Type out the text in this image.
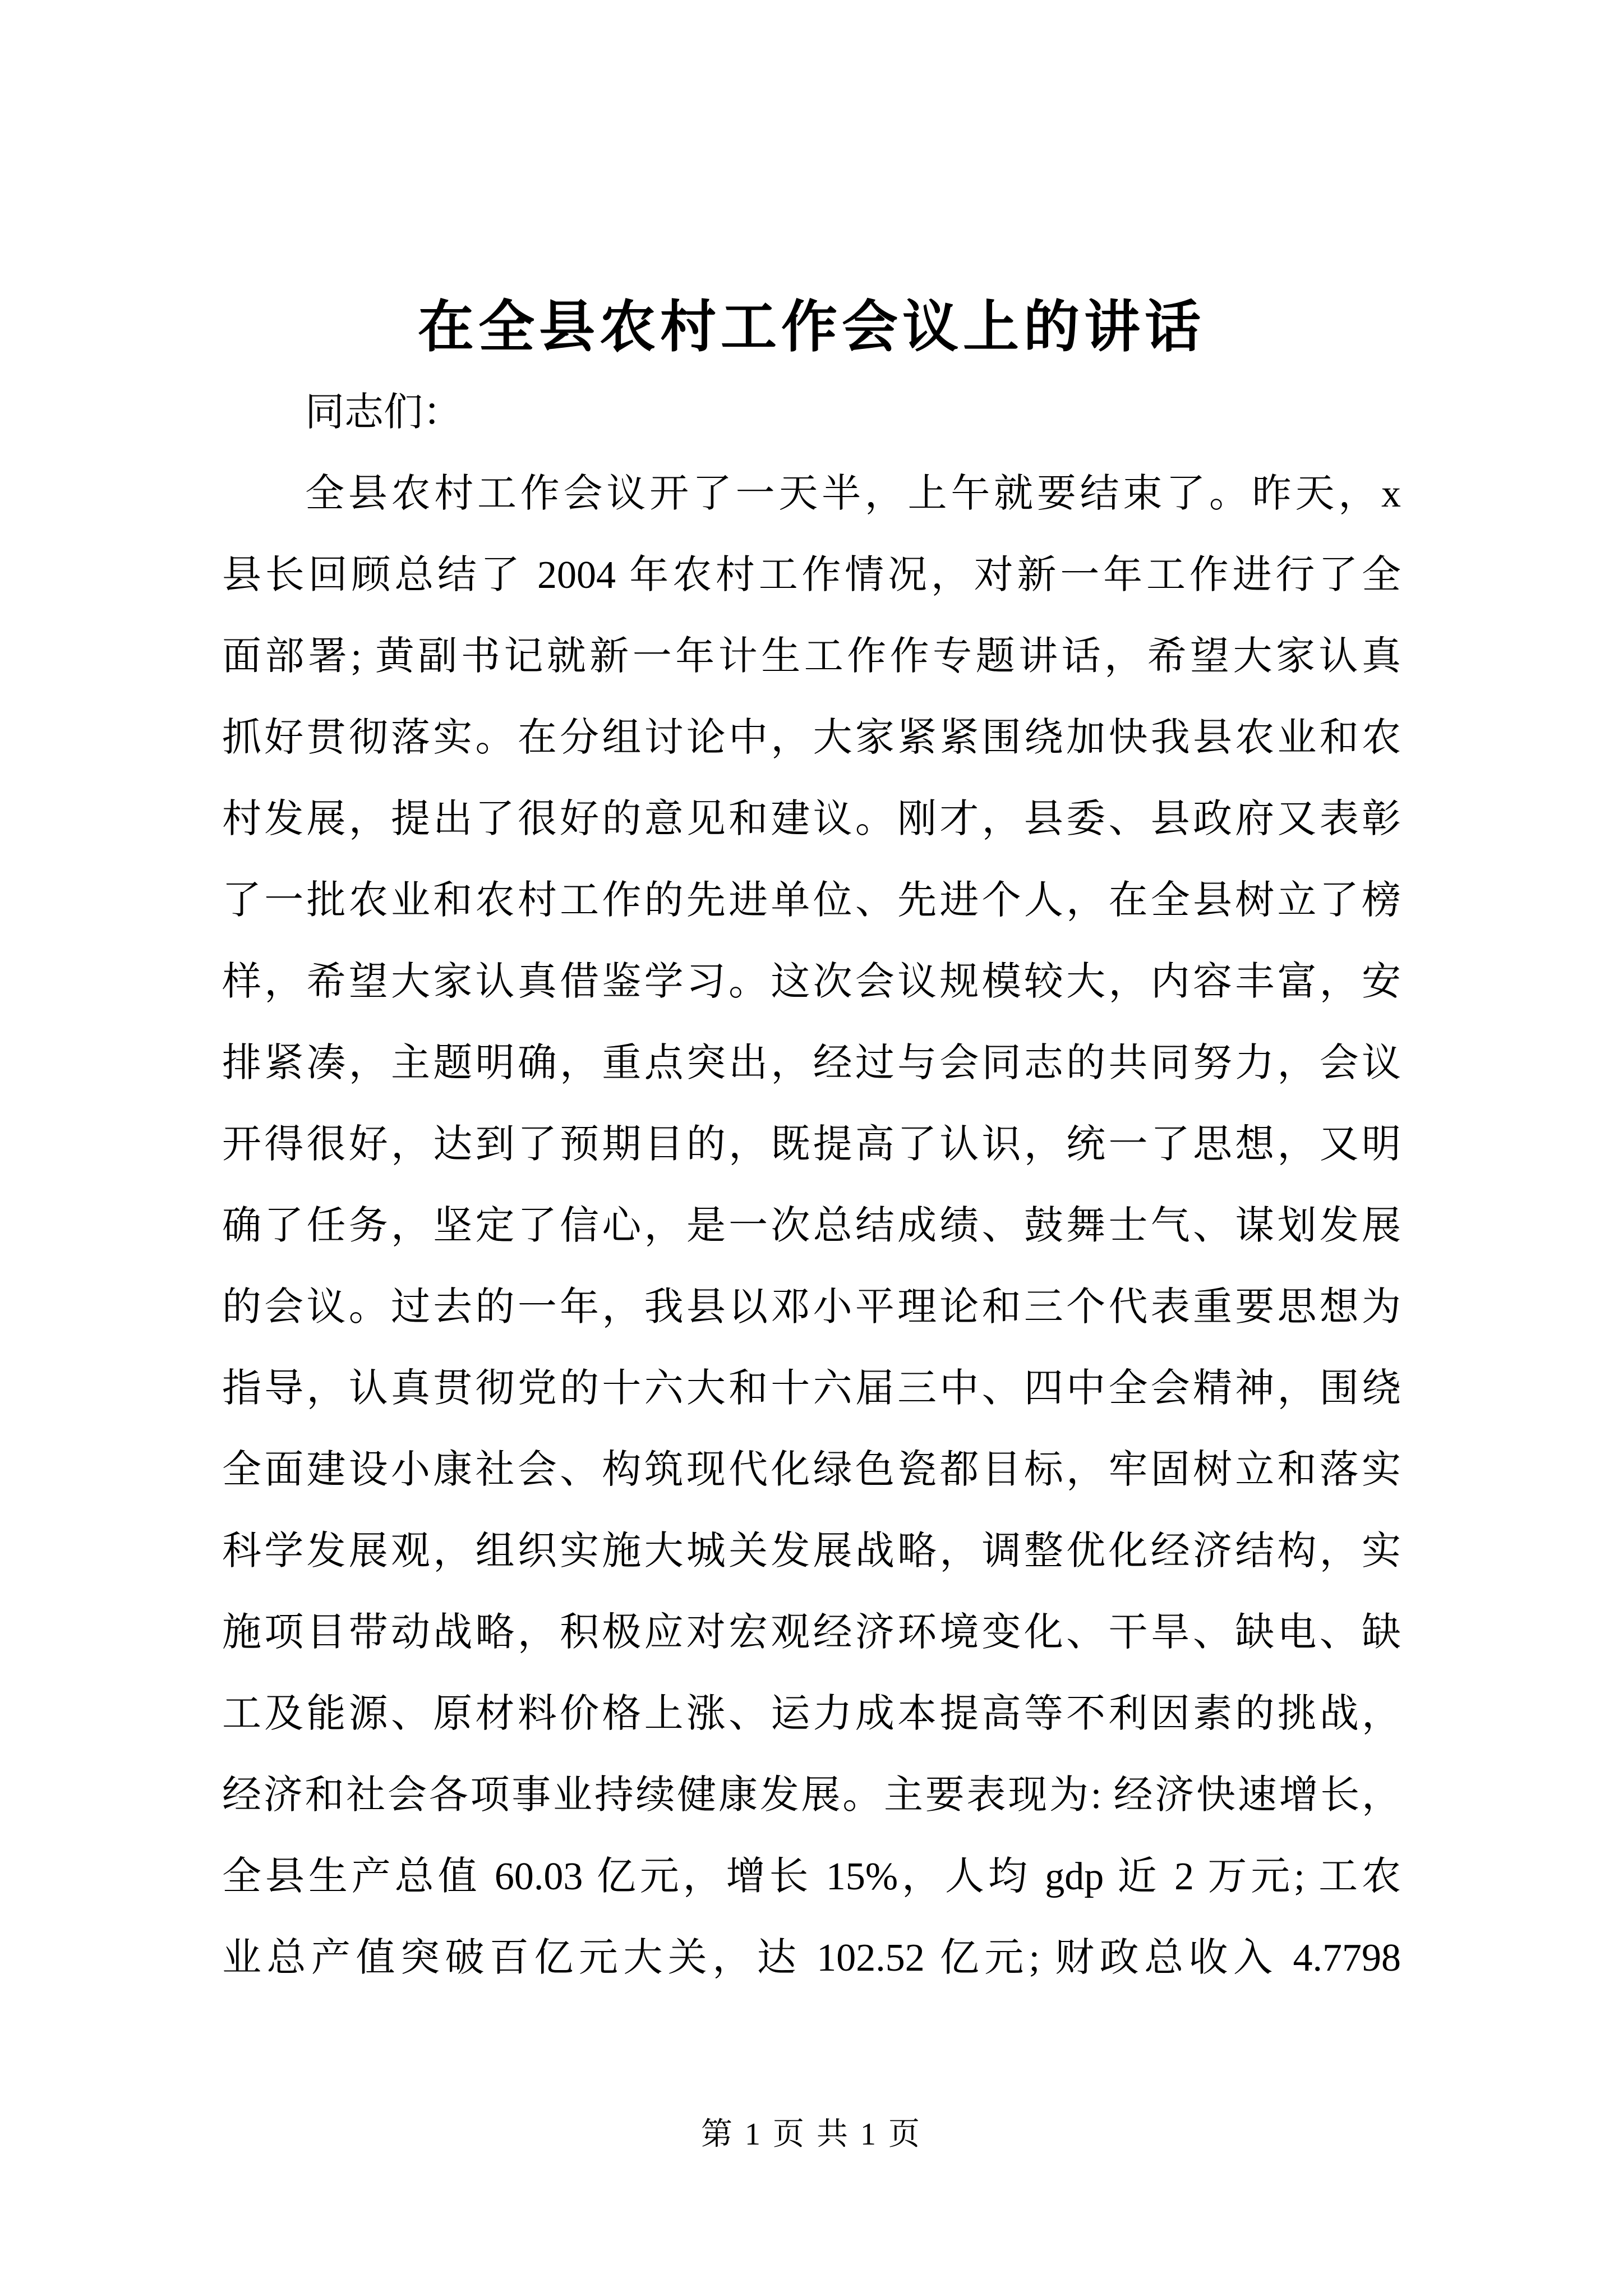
在全县农村工作会议上的讲话
同志们：
全县农村工作会议开了一天半，上午就要结束了。昨天，x
县长回顾总结了 2004 年农村工作情况，对新一年工作进行了全
面部署; 黄副书记就新一年计生工作作专题讲话，希望大家认真
抓好贯彻落实。在分组讨论中，大家紧紧围绕加快我县农业和农
村发展，提出了很好的意见和建议。刚才，县委、县政府又表彰
了一批农业和农村工作的先进单位、先进个人，在全县树立了榜
样，希望大家认真借鉴学习。这次会议规模较大，内容丰富，安
排紧凑，主题明确，重点突出，经过与会同志的共同努力，会议
开得很好，达到了预期目的，既提高了认识，统一了思想，又明
确了任务，坚定了信心，是一次总结成绩、鼓舞士气、谋划发展
的会议。过去的一年，我县以邓小平理论和三个代表重要思想为
指导，认真贯彻党的十六大和十六届三中、四中全会精神，围绕
全面建设小康社会、构筑现代化绿色瓷都目标，牢固树立和落实
科学发展观，组织实施大城关发展战略，调整优化经济结构，实
施项目带动战略，积极应对宏观经济环境变化、干旱、缺电、缺
工及能源、原材料价格上涨、运力成本提高等不利因素的挑战，
经济和社会各项事业持续健康发展。主要表现为: 经济快速增长，
全县生产总值 60.03 亿元，增长 15%，人均 gdp 近 2 万元; 工农
业总产值突破百亿元大关，达 102.52 亿元; 财政总收入 4.7798
第 1 页 共 1 页
